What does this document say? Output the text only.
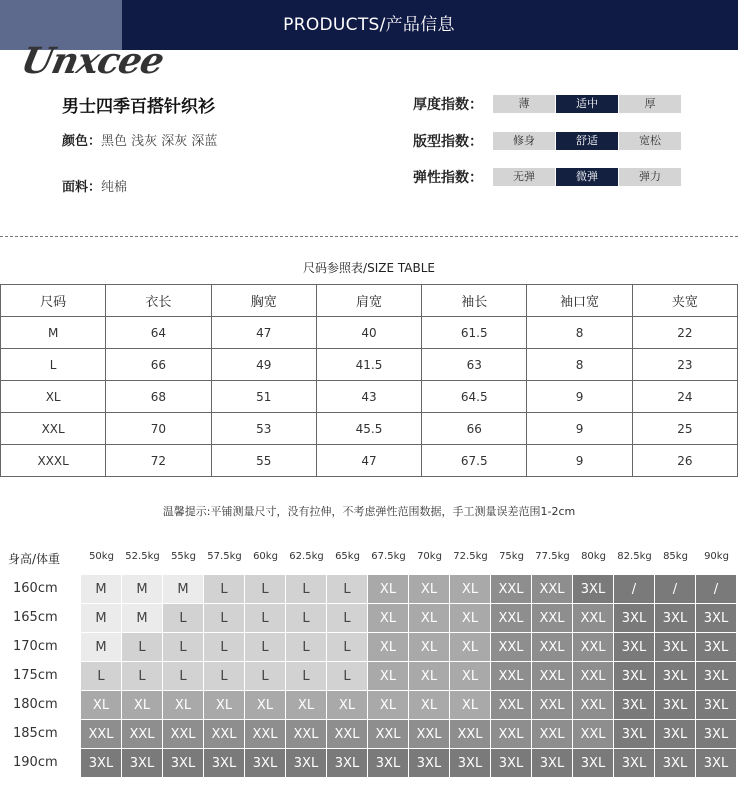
PRODUCTS/产品信息
Unxcee
男士四季百搭针织衫
颜色：黑色 浅灰 深灰 深蓝
面料：纯棉
厚度指数：	薄	适中	厚
版型指数：	修身	舒适	宽松
弹性指数：	无弹	微弹	弹力
尺码参照表/SIZE TABLE
尺码	衣长	胸宽	肩宽	袖长	袖口宽	夹宽
M	64	47	40	61.5	8	22
L	66	49	41.5	63	8	23
XL	68	51	43	64.5	9	24
XXL	70	53	45.5	66	9	25
XXXL	72	55	47	67.5	9	26
温馨提示:平铺测量尺寸，没有拉伸，不考虑弹性范围数据，手工测量误差范围1-2cm
身高/体重	50kg	52.5kg	55kg	57.5kg	60kg	62.5kg	65kg	67.5kg	70kg	72.5kg	75kg	77.5kg	80kg	82.5kg	85kg	90kg
160cm	M	M	M	L	L	L	L	XL	XL	XL	XXL	XXL	3XL	/	/	/
165cm	M	M	L	L	L	L	L	XL	XL	XL	XXL	XXL	XXL	3XL	3XL	3XL
170cm	M	L	L	L	L	L	L	XL	XL	XL	XXL	XXL	XXL	3XL	3XL	3XL
175cm	L	L	L	L	L	L	L	XL	XL	XL	XXL	XXL	XXL	3XL	3XL	3XL
180cm	XL	XL	XL	XL	XL	XL	XL	XL	XL	XL	XXL	XXL	XXL	3XL	3XL	3XL
185cm	XXL	XXL	XXL	XXL	XXL	XXL	XXL	XXL	XXL	XXL	XXL	XXL	XXL	3XL	3XL	3XL
190cm	3XL	3XL	3XL	3XL	3XL	3XL	3XL	3XL	3XL	3XL	3XL	3XL	3XL	3XL	3XL	3XL
